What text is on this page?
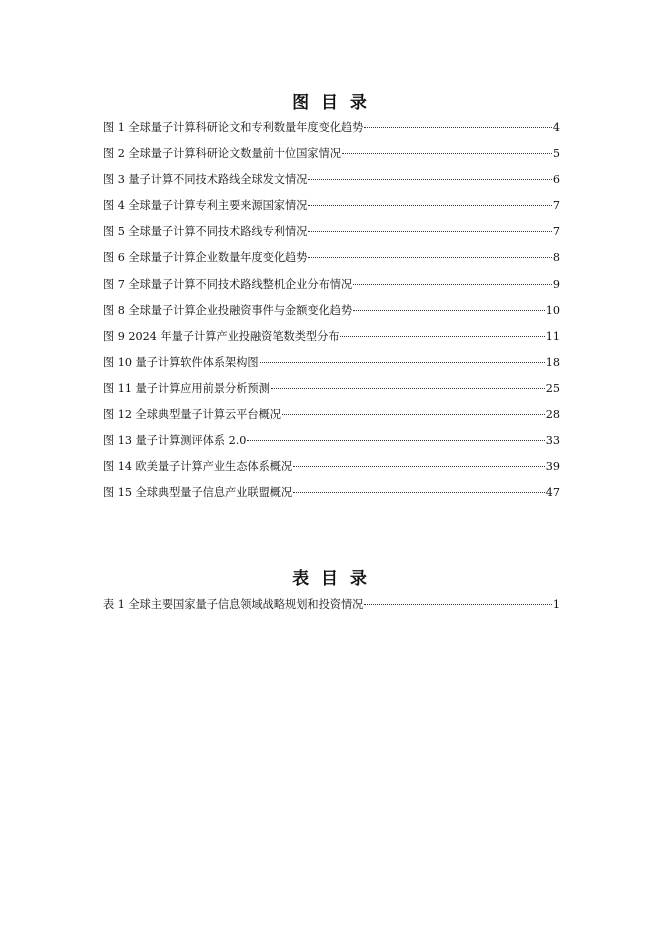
图 目 录
图 1 全球量子计算科研论文和专利数量年度变化趋势	4
图 2 全球量子计算科研论文数量前十位国家情况	5
图 3 量子计算不同技术路线全球发文情况	6
图 4 全球量子计算专利主要来源国家情况	7
图 5 全球量子计算不同技术路线专利情况	7
图 6 全球量子计算企业数量年度变化趋势	8
图 7 全球量子计算不同技术路线整机企业分布情况	9
图 8 全球量子计算企业投融资事件与金额变化趋势	10
图 9 2024 年量子计算产业投融资笔数类型分布	11
图 10 量子计算软件体系架构图	18
图 11 量子计算应用前景分析预测	25
图 12 全球典型量子计算云平台概况	28
图 13 量子计算测评体系 2.0	33
图 14 欧美量子计算产业生态体系概况	39
图 15 全球典型量子信息产业联盟概况	47
表 目 录
表 1 全球主要国家量子信息领域战略规划和投资情况	1
